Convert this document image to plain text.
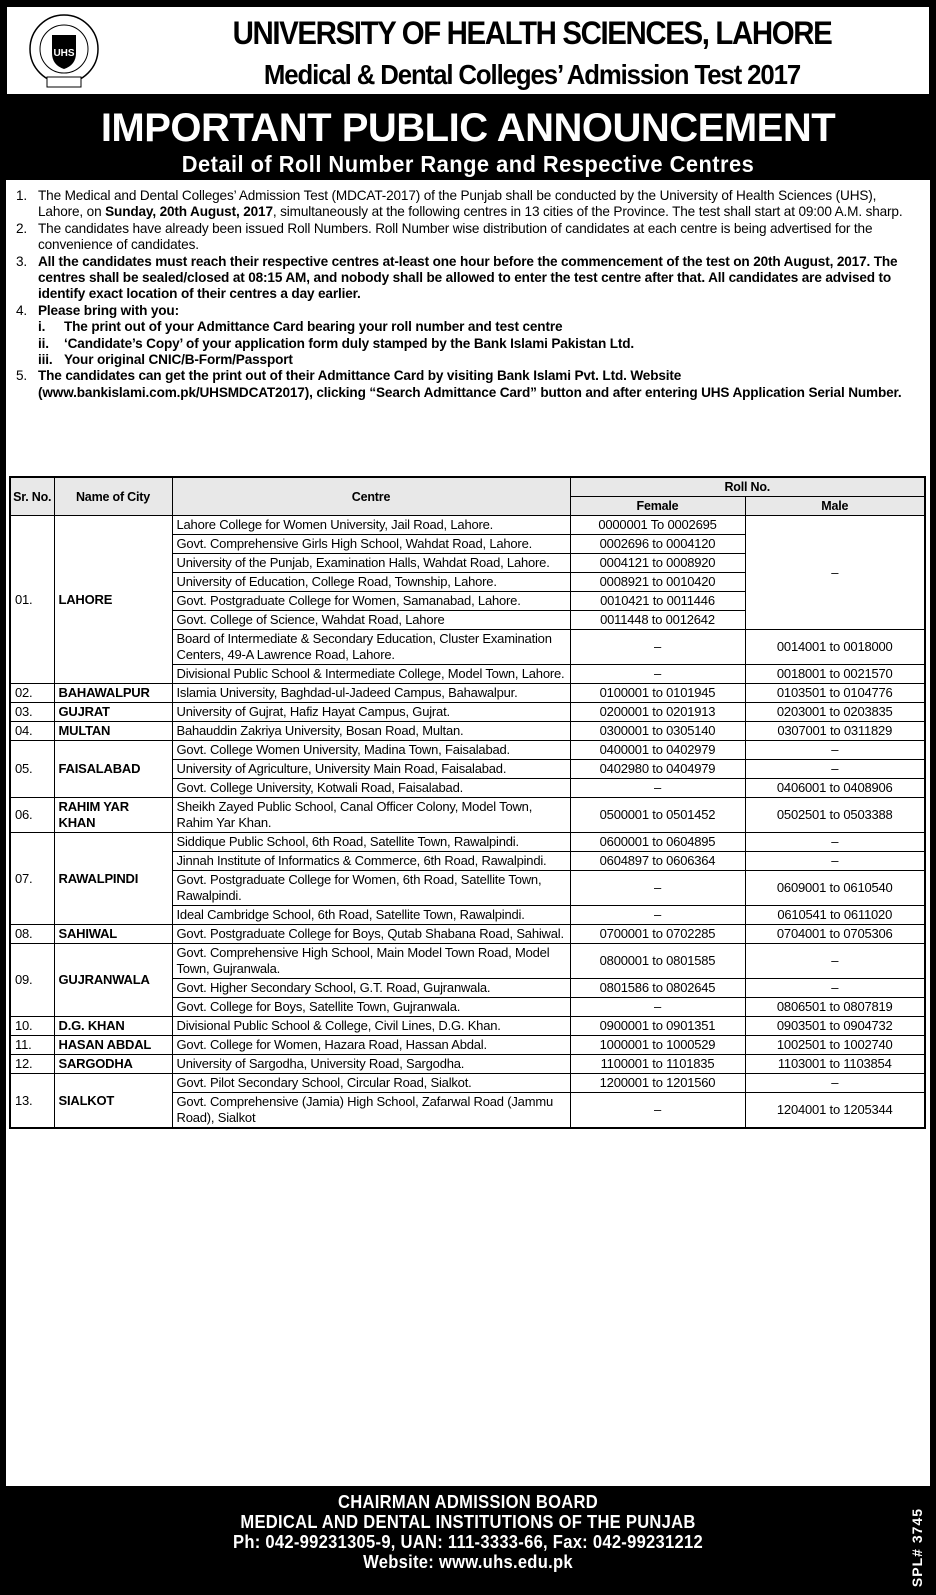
UHS
UNIVERSITY OF HEALTH SCIENCES, LAHORE
Medical & Dental Colleges’ Admission Test 2017
IMPORTANT PUBLIC ANNOUNCEMENT
Detail of Roll Number Range and Respective Centres
1. The Medical and Dental Colleges’ Admission Test (MDCAT-2017) of the Punjab shall be conducted by the University of Health Sciences (UHS), Lahore, on Sunday, 20th August, 2017, simultaneously at the following centres in 13 cities of the Province. The test shall start at 09:00 A.M. sharp.
2. The candidates have already been issued Roll Numbers. Roll Number wise distribution of candidates at each centre is being advertised for the convenience of candidates.
3. All the candidates must reach their respective centres at-least one hour before the commencement of the test on 20th August, 2017. The centres shall be sealed/closed at 08:15 AM, and nobody shall be allowed to enter the test centre after that. All candidates are advised to identify exact location of their centres a day earlier.
4. Please bring with you:
i.	The print out of your Admittance Card bearing your roll number and test centre
ii.	‘Candidate’s Copy’ of your application form duly stamped by the Bank Islami Pakistan Ltd.
iii. Your original CNIC/B-Form/Passport
5. The candidates can get the print out of their Admittance Card by visiting Bank Islami Pvt. Ltd. Website (www.bankislami.com.pk/UHSMDCAT2017), clicking “Search Admittance Card” button and after entering UHS Application Serial Number.
Sr. No.	Name of City	Centre	Roll No.	
			Female	Male
01.	LAHORE	Lahore College for Women University, Jail Road, Lahore.	0000001 To 0002695	–
		Govt. Comprehensive Girls High School, Wahdat Road, Lahore.	0002696 to 0004120	
		University of the Punjab, Examination Halls, Wahdat Road, Lahore.	0004121 to 0008920	
		University of Education, College Road, Township, Lahore.	0008921 to 0010420	
		Govt. Postgraduate College for Women, Samanabad, Lahore.	0010421 to 0011446	
		Govt. College of Science, Wahdat Road, Lahore	0011448 to 0012642	
		Board of Intermediate & Secondary Education, Cluster Examination Centers, 49-A Lawrence Road, Lahore.	–	0014001 to 0018000
		Divisional Public School & Intermediate College, Model Town, Lahore.	–	0018001 to 0021570
02.	BAHAWALPUR	Islamia University, Baghdad-ul-Jadeed Campus, Bahawalpur.	0100001 to 0101945	0103501 to 0104776
03.	GUJRAT	University of Gujrat, Hafiz Hayat Campus, Gujrat.	0200001 to 0201913	0203001 to 0203835
04.	MULTAN	Bahauddin Zakriya University, Bosan Road, Multan.	0300001 to 0305140	0307001 to 0311829
05.	FAISALABAD	Govt. College Women University, Madina Town, Faisalabad.	0400001 to 0402979	–
		University of Agriculture, University Main Road, Faisalabad.	0402980 to 0404979	–
		Govt. College University, Kotwali Road, Faisalabad.	–	0406001 to 0408906
06.	RAHIM YAR KHAN	Sheikh Zayed Public School, Canal Officer Colony, Model Town, Rahim Yar Khan.	0500001 to 0501452	0502501 to 0503388
07.	RAWALPINDI	Siddique Public School, 6th Road, Satellite Town, Rawalpindi.	0600001 to 0604895	–
		Jinnah Institute of Informatics & Commerce, 6th Road, Rawalpindi.	0604897 to 0606364	–
		Govt. Postgraduate College for Women, 6th Road, Satellite Town, Rawalpindi.	–	0609001 to 0610540
		Ideal Cambridge School, 6th Road, Satellite Town, Rawalpindi.	–	0610541 to 0611020
08.	SAHIWAL	Govt. Postgraduate College for Boys, Qutab Shabana Road, Sahiwal.	0700001 to 0702285	0704001 to 0705306
09.	GUJRANWALA	Govt. Comprehensive High School, Main Model Town Road, Model Town, Gujranwala.	0800001 to 0801585	–
		Govt. Higher Secondary School, G.T. Road, Gujranwala.	0801586 to 0802645	–
		Govt. College for Boys, Satellite Town, Gujranwala.	–	0806501 to 0807819
10.	D.G. KHAN	Divisional Public School & College, Civil Lines, D.G. Khan.	0900001 to 0901351	0903501 to 0904732
11.	HASAN ABDAL	Govt. College for Women, Hazara Road, Hassan Abdal.	1000001 to 1000529	1002501 to 1002740
12.	SARGODHA	University of Sargodha, University Road, Sargodha.	1100001 to 1101835	1103001 to 1103854
13.	SIALKOT	Govt. Pilot Secondary School, Circular Road, Sialkot.	1200001 to 1201560	–
		Govt. Comprehensive (Jamia) High School, Zafarwal Road (Jammu Road), Sialkot	–	1204001 to 1205344
CHAIRMAN ADMISSION BOARD
MEDICAL AND DENTAL INSTITUTIONS OF THE PUNJAB
Ph: 042-99231305-9, UAN: 111-3333-66, Fax: 042-99231212
Website: www.uhs.edu.pk	SPL# 3745
